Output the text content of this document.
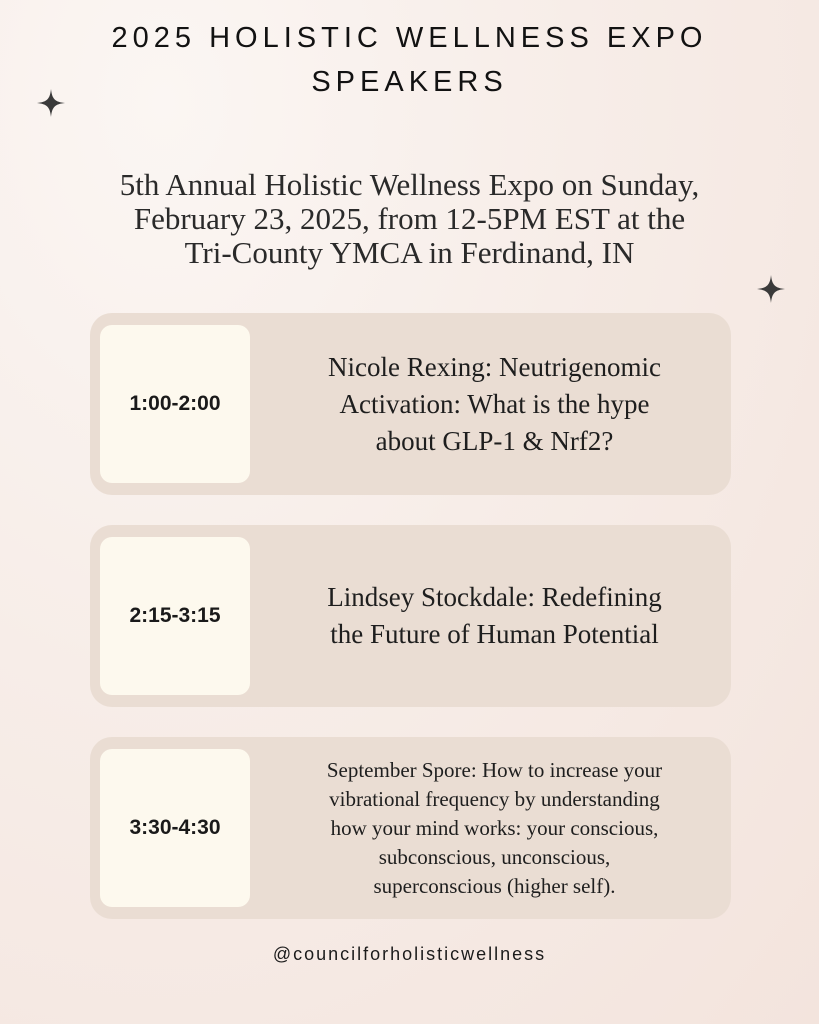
2025 HOLISTIC WELLNESS EXPO
SPEAKERS
5th Annual Holistic Wellness Expo on Sunday,
February 23, 2025, from 12-5PM EST at the
Tri-County YMCA in Ferdinand, IN
1:00-2:00
Nicole Rexing: Neutrigenomic
Activation: What is the hype
about GLP-1 & Nrf2?
2:15-3:15
Lindsey Stockdale: Redefining
the Future of Human Potential
3:30-4:30
September Spore: How to increase your
vibrational frequency by understanding
how your mind works: your conscious,
subconscious, unconscious,
superconscious (higher self).
@councilforholisticwellness
